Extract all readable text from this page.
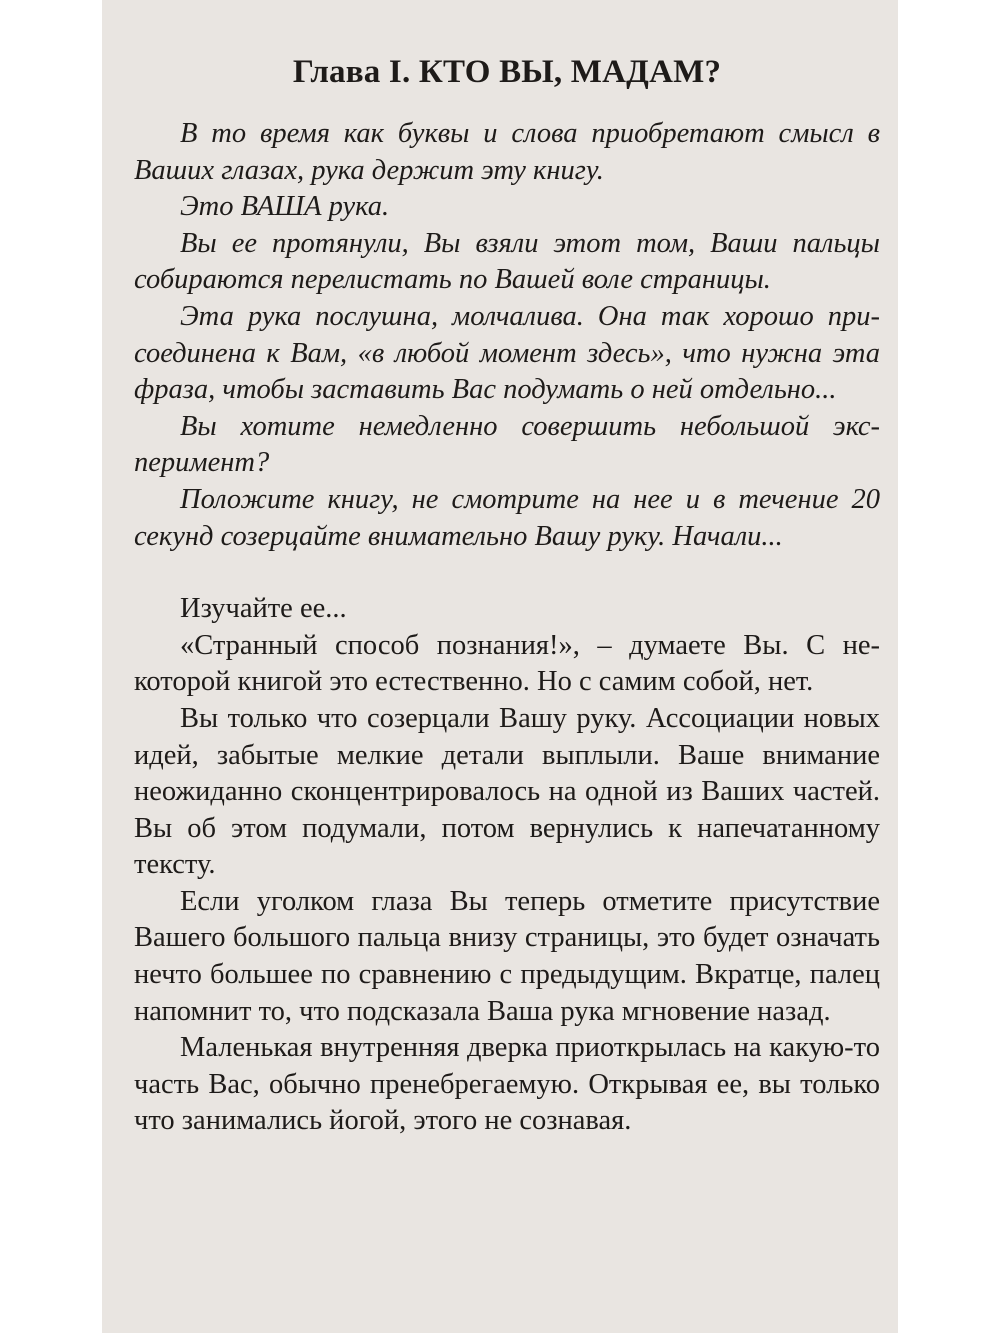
Глава I. КТО ВЫ, МАДАМ?

В то время как буквы и слова приобретают смысл в Ваших глазах, рука держит эту книгу.

Это ВАША рука.

Вы ее протянули, Вы взяли этот том, Ваши пальцы собираются перелистать по Вашей воле страницы.

Эта рука послушна, молчалива. Она так хорошо присоединена к Вам, «в любой момент здесь», что нужна эта фраза, чтобы заставить Вас подумать о ней отдельно...

Вы хотите немедленно совершить небольшой эксперимент?

Положите книгу, не смотрите на нее и в течение 20 секунд созерцайте внимательно Вашу руку. Начали...

Изучайте ее...

«Странный способ познания!», – думаете Вы. С некоторой книгой это естественно. Но с самим собой, нет.

Вы только что созерцали Вашу руку. Ассоциации новых идей, забытые мелкие детали выплыли. Ваше внимание неожиданно сконцентрировалось на одной из Ваших частей. Вы об этом подумали, потом вернулись к напечатанному тексту.

Если уголком глаза Вы теперь отметите присутствие Вашего большого пальца внизу страницы, это будет означать нечто большее по сравнению с предыдущим. Вкратце, палец напомнит то, что подсказала Ваша рука мгновение назад.

Маленькая внутренняя дверка приоткрылась на какую-то часть Вас, обычно пренебрегаемую. Открывая ее, вы только что занимались йогой, этого не сознавая.
